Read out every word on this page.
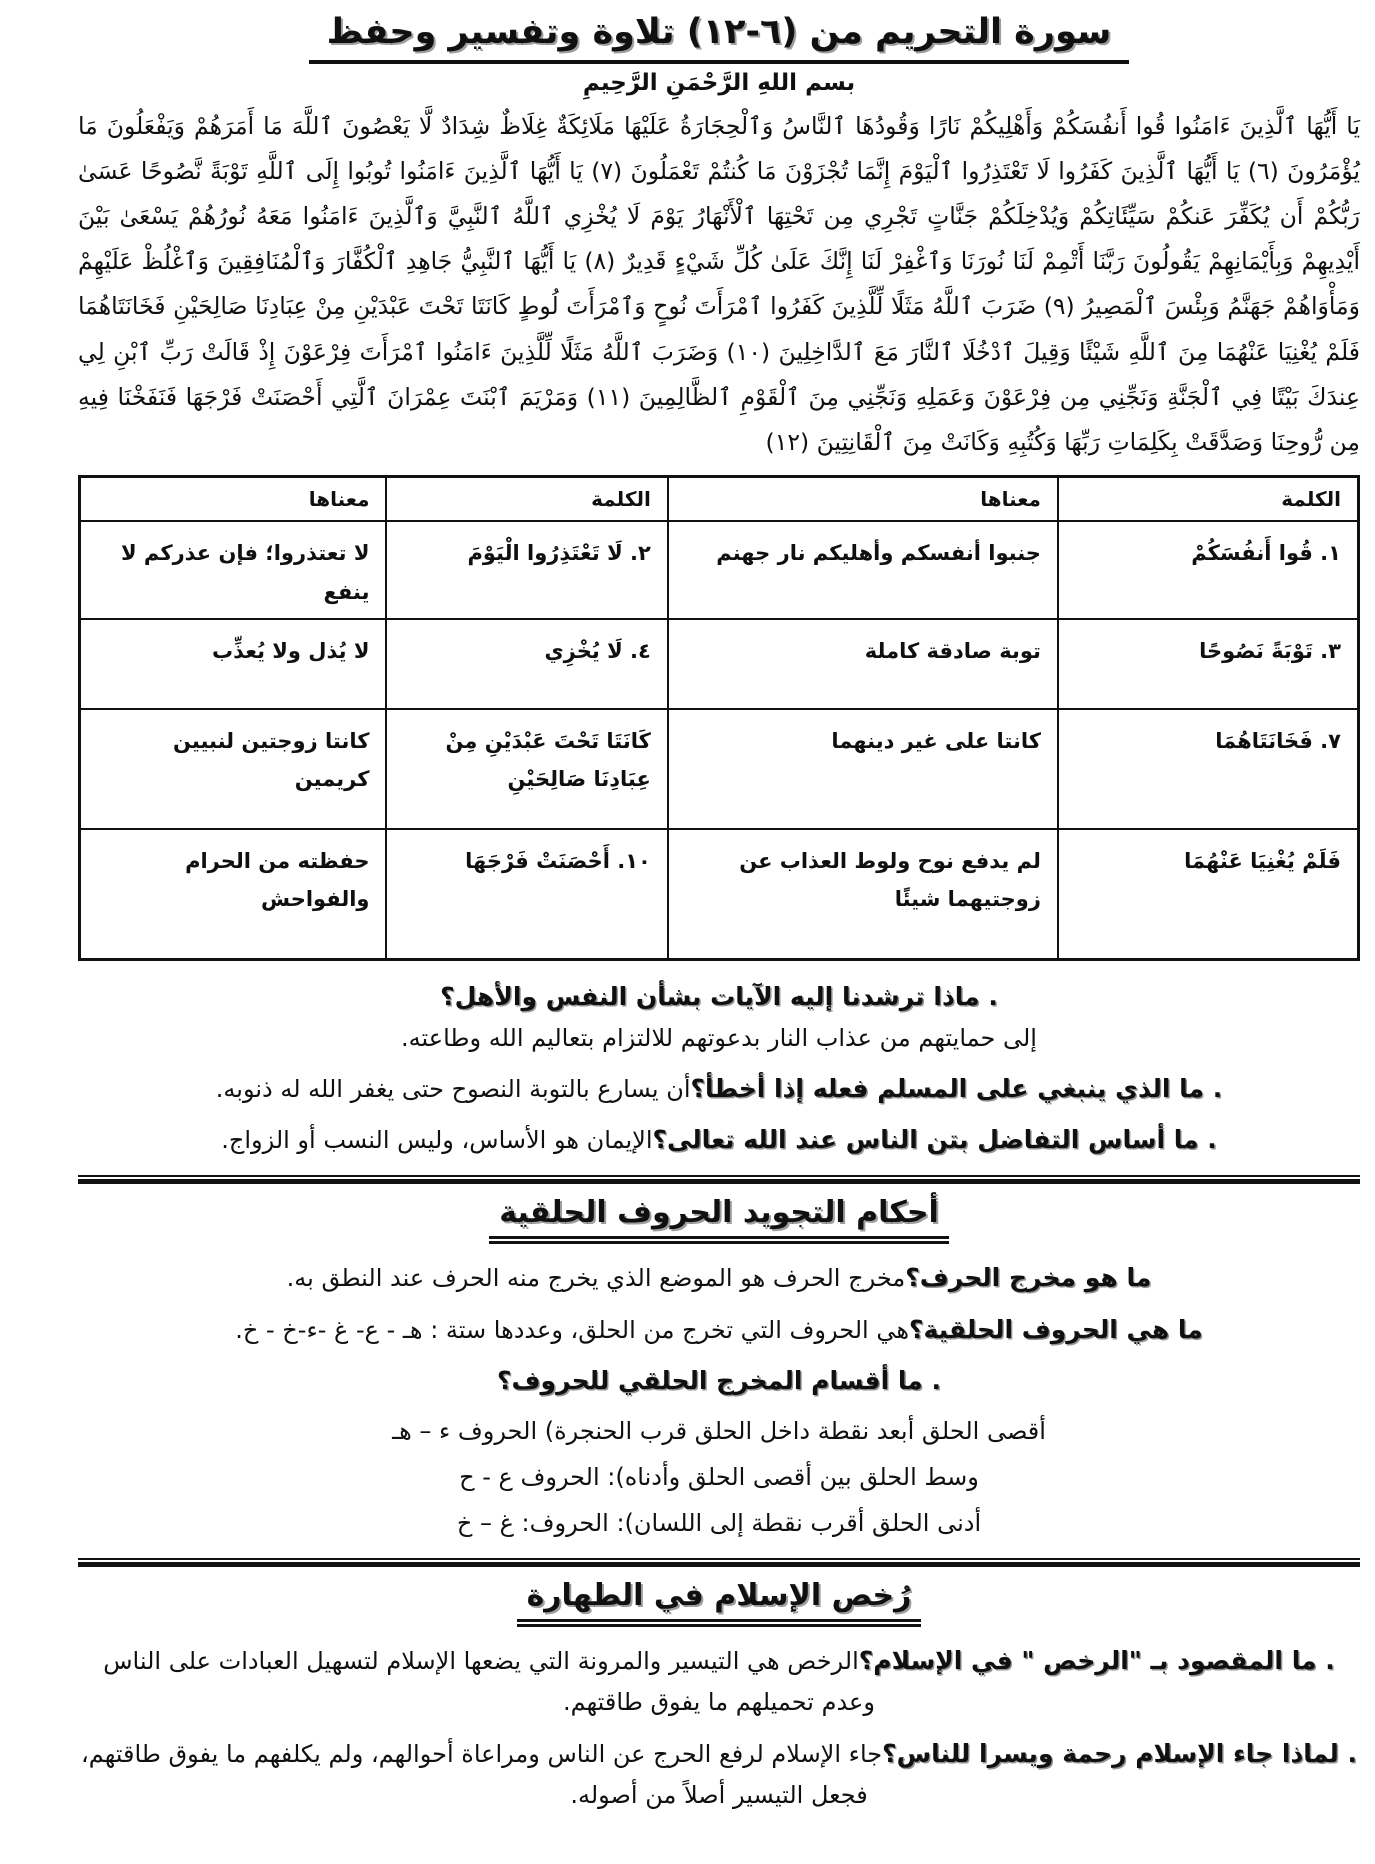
سورة التحريم من (٦-١٢) تلاوة وتفسير وحفظ
بسم اللهِ الرَّحْمَنِ الرَّحِيمِ
يَا أَيُّهَا ٱلَّذِينَ ءَامَنُوا قُوا أَنفُسَكُمْ وَأَهْلِيكُمْ نَارًا وَقُودُهَا ٱلنَّاسُ وَٱلْحِجَارَةُ عَلَيْهَا مَلَائِكَةٌ غِلَاظٌ شِدَادٌ لَّا يَعْصُونَ ٱللَّهَ مَا أَمَرَهُمْ وَيَفْعَلُونَ مَا يُؤْمَرُونَ (٦) يَا أَيُّهَا ٱلَّذِينَ كَفَرُوا لَا تَعْتَذِرُوا ٱلْيَوْمَ إِنَّمَا تُجْزَوْنَ مَا كُنتُمْ تَعْمَلُونَ (٧) يَا أَيُّهَا ٱلَّذِينَ ءَامَنُوا تُوبُوا إِلَى ٱللَّهِ تَوْبَةً نَّصُوحًا عَسَىٰ رَبُّكُمْ أَن يُكَفِّرَ عَنكُمْ سَيِّئَاتِكُمْ وَيُدْخِلَكُمْ جَنَّاتٍ تَجْرِي مِن تَحْتِهَا ٱلْأَنْهَارُ يَوْمَ لَا يُخْزِي ٱللَّهُ ٱلنَّبِيَّ وَٱلَّذِينَ ءَامَنُوا مَعَهُ نُورُهُمْ يَسْعَىٰ بَيْنَ أَيْدِيهِمْ وَبِأَيْمَانِهِمْ يَقُولُونَ رَبَّنَا أَتْمِمْ لَنَا نُورَنَا وَٱغْفِرْ لَنَا إِنَّكَ عَلَىٰ كُلِّ شَيْءٍ قَدِيرٌ (٨) يَا أَيُّهَا ٱلنَّبِيُّ جَاهِدِ ٱلْكُفَّارَ وَٱلْمُنَافِقِينَ وَٱغْلُظْ عَلَيْهِمْ وَمَأْوَاهُمْ جَهَنَّمُ وَبِئْسَ ٱلْمَصِيرُ (٩) ضَرَبَ ٱللَّهُ مَثَلًا لِّلَّذِينَ كَفَرُوا ٱمْرَأَتَ نُوحٍ وَٱمْرَأَتَ لُوطٍ كَانَتَا تَحْتَ عَبْدَيْنِ مِنْ عِبَادِنَا صَالِحَيْنِ فَخَانَتَاهُمَا فَلَمْ يُغْنِيَا عَنْهُمَا مِنَ ٱللَّهِ شَيْئًا وَقِيلَ ٱدْخُلَا ٱلنَّارَ مَعَ ٱلدَّاخِلِينَ (١٠) وَضَرَبَ ٱللَّهُ مَثَلًا لِّلَّذِينَ ءَامَنُوا ٱمْرَأَتَ فِرْعَوْنَ إِذْ قَالَتْ رَبِّ ٱبْنِ لِي عِندَكَ بَيْتًا فِي ٱلْجَنَّةِ وَنَجِّنِي مِن فِرْعَوْنَ وَعَمَلِهِ وَنَجِّنِي مِنَ ٱلْقَوْمِ ٱلظَّالِمِينَ (١١) وَمَرْيَمَ ٱبْنَتَ عِمْرَانَ ٱلَّتِي أَحْصَنَتْ فَرْجَهَا فَنَفَخْنَا فِيهِ مِن رُّوحِنَا وَصَدَّقَتْ بِكَلِمَاتِ رَبِّهَا وَكُتُبِهِ وَكَانَتْ مِنَ ٱلْقَانِتِينَ (١٢)
الكلمة	معناها	الكلمة	معناها
١. قُوا أَنفُسَكُمْ	جنبوا أنفسكم وأهليكم نار جهنم	٢. لَا تَعْتَذِرُوا الْيَوْمَ	لا تعتذروا؛ فإن عذركم لا ينفع
٣. تَوْبَةً نَصُوحًا	توبة صادقة كاملة	٤. لَا يُخْزِي	لا يُذل ولا يُعذِّب
٧. فَخَانَتَاهُمَا	كانتا على غير دينهما	كَانَتَا تَحْتَ عَبْدَيْنِ مِنْ عِبَادِنَا صَالِحَيْنِ	كانتا زوجتين لنبيين كريمين
فَلَمْ يُغْنِيَا عَنْهُمَا	لم يدفع نوح ولوط العذاب عن زوجتيهما شيئًا	١٠. أَحْصَنَتْ فَرْجَهَا	حفظته من الحرام والفواحش
. ماذا ترشدنا إليه الآيات بشأن النفس والأهل؟
إلى حمايتهم من عذاب النار بدعوتهم للالتزام بتعاليم الله وطاعته.
. ما الذي ينبغي على المسلم فعله إذا أخطأ؟أن يسارع بالتوبة النصوح حتى يغفر الله له ذنوبه.
. ما أساس التفاضل بتن الناس عند الله تعالى؟الإيمان هو الأساس، وليس النسب أو الزواج.
أحكام التجويد الحروف الحلقية
ما هو مخرج الحرف؟مخرج الحرف هو الموضع الذي يخرج منه الحرف عند النطق به.
ما هي الحروف الحلقية؟هي الحروف التي تخرج من الحلق، وعددها ستة : هـ - ع- غ -ء-خ - خ.
. ما أقسام المخرج الحلقي للحروف؟
أقصى الحلق أبعد نقطة داخل الحلق قرب الحنجرة) الحروف ء – هـ
وسط الحلق بين أقصى الحلق وأدناه): الحروف ع - ح
أدنى الحلق أقرب نقطة إلى اللسان): الحروف: غ – خ
رُخص الإسلام في الطهارة
. ما المقصود بـ "الرخص " في الإسلام؟الرخص هي التيسير والمرونة التي يضعها الإسلام لتسهيل العبادات على الناس وعدم تحميلهم ما يفوق طاقتهم.
. لماذا جاء الإسلام رحمة ويسرا للناس؟جاء الإسلام لرفع الحرج عن الناس ومراعاة أحوالهم، ولم يكلفهم ما يفوق طاقتهم، فجعل التيسير أصلاً من أصوله.
